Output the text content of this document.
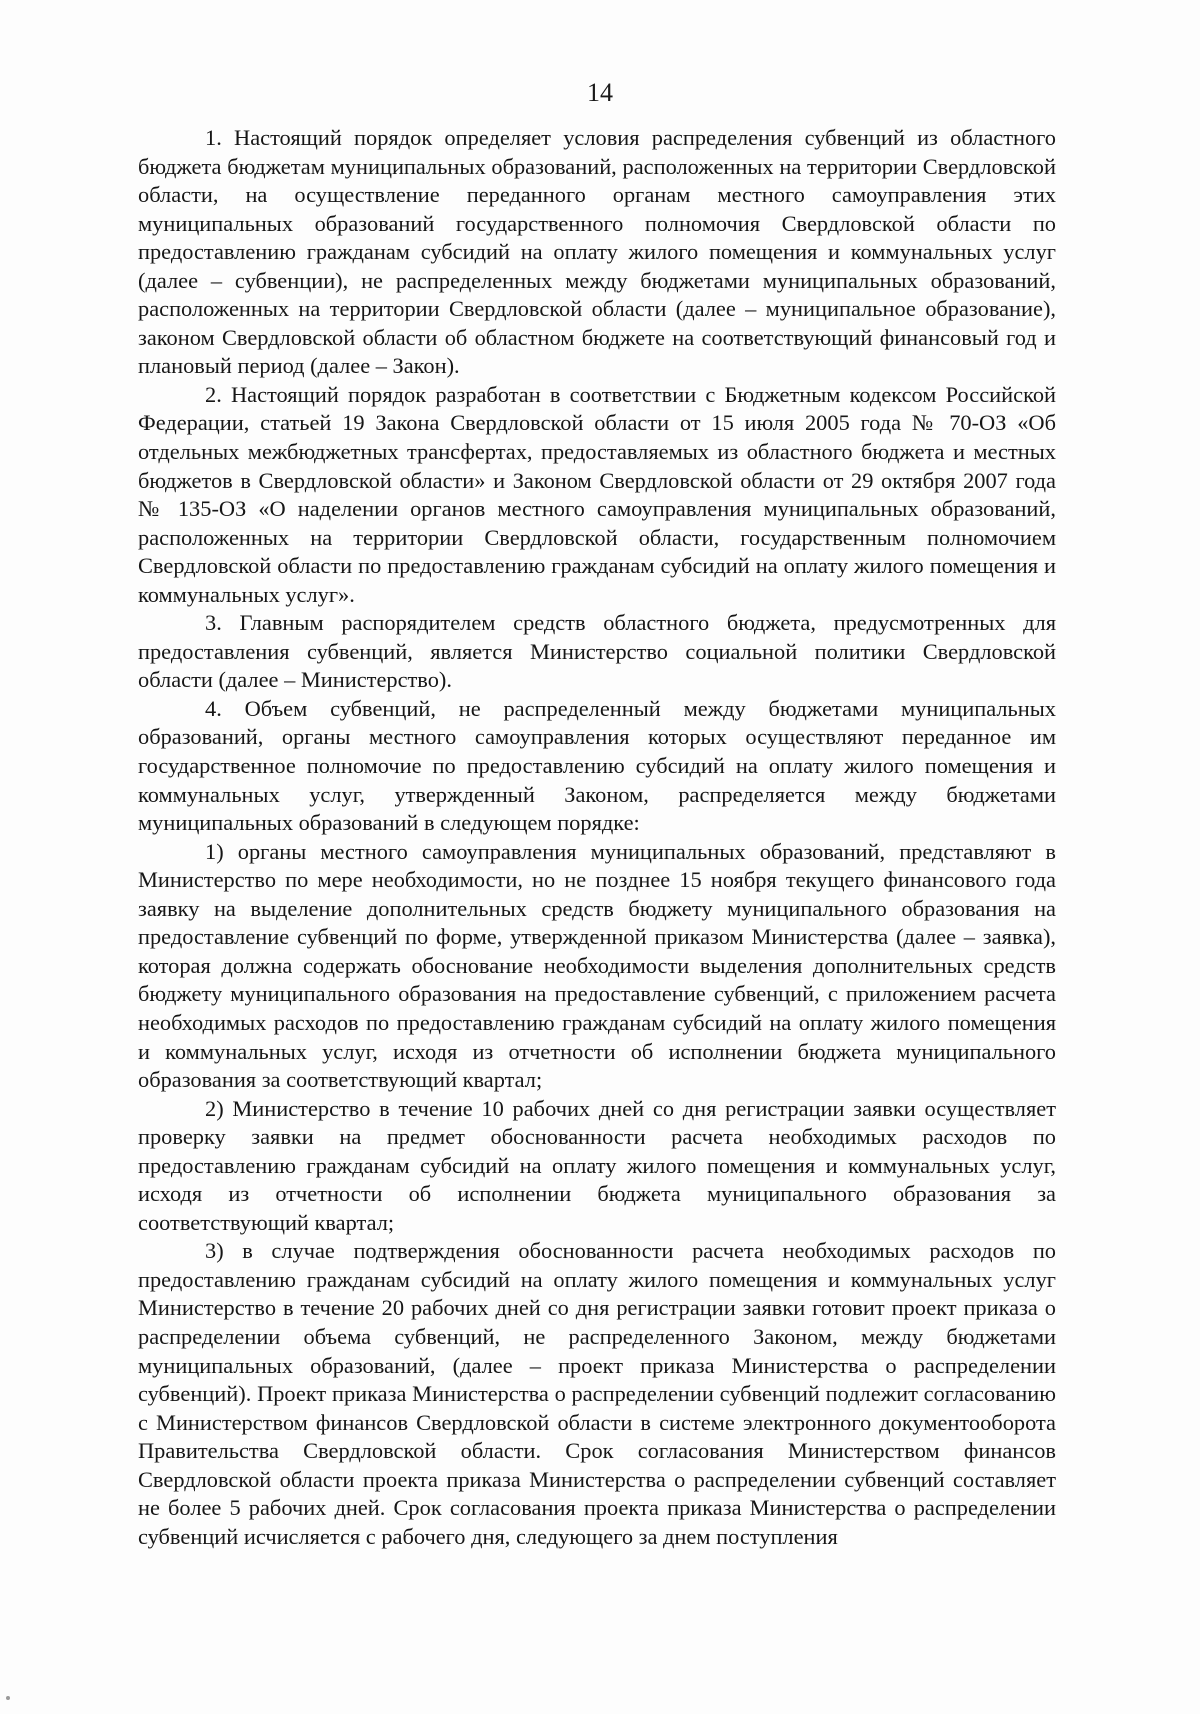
14

1. Настоящий порядок определяет условия распределения субвенций из областного бюджета бюджетам муниципальных образований, расположенных на территории Свердловской области, на осуществление переданного органам местного самоуправления этих муниципальных образований государственного полномочия Свердловской области по предоставлению гражданам субсидий на оплату жилого помещения и коммунальных услуг (далее – субвенции), не распределенных между бюджетами муниципальных образований, расположенных на территории Свердловской области (далее – муниципальное образование), законом Свердловской области об областном бюджете на соответствующий финансовый год и плановый период (далее – Закон).

2. Настоящий порядок разработан в соответствии с Бюджетным кодексом Российской Федерации, статьей 19 Закона Свердловской области от 15 июля 2005 года № 70-ОЗ «Об отдельных межбюджетных трансфертах, предоставляемых из областного бюджета и местных бюджетов в Свердловской области» и Законом Свердловской области от 29 октября 2007 года № 135-ОЗ «О наделении органов местного самоуправления муниципальных образований, расположенных на территории Свердловской области, государственным полномочием Свердловской области по предоставлению гражданам субсидий на оплату жилого помещения и коммунальных услуг».

3. Главным распорядителем средств областного бюджета, предусмотренных для предоставления субвенций, является Министерство социальной политики Свердловской области (далее – Министерство).

4. Объем субвенций, не распределенный между бюджетами муниципальных образований, органы местного самоуправления которых осуществляют переданное им государственное полномочие по предоставлению субсидий на оплату жилого помещения и коммунальных услуг, утвержденный Законом, распределяется между бюджетами муниципальных образований в следующем порядке:

1) органы местного самоуправления муниципальных образований, представляют в Министерство по мере необходимости, но не позднее 15 ноября текущего финансового года заявку на выделение дополнительных средств бюджету муниципального образования на предоставление субвенций по форме, утвержденной приказом Министерства (далее – заявка), которая должна содержать обоснование необходимости выделения дополнительных средств бюджету муниципального образования на предоставление субвенций, с приложением расчета необходимых расходов по предоставлению гражданам субсидий на оплату жилого помещения и коммунальных услуг, исходя из отчетности об исполнении бюджета муниципального образования за соответствующий квартал;

2) Министерство в течение 10 рабочих дней со дня регистрации заявки осуществляет проверку заявки на предмет обоснованности расчета необходимых расходов по предоставлению гражданам субсидий на оплату жилого помещения и коммунальных услуг, исходя из отчетности об исполнении бюджета муниципального образования за соответствующий квартал;

3) в случае подтверждения обоснованности расчета необходимых расходов по предоставлению гражданам субсидий на оплату жилого помещения и коммунальных услуг Министерство в течение 20 рабочих дней со дня регистрации заявки готовит проект приказа о распределении объема субвенций, не распределенного Законом, между бюджетами муниципальных образований, (далее – проект приказа Министерства о распределении субвенций). Проект приказа Министерства о распределении субвенций подлежит согласованию с Министерством финансов Свердловской области в системе электронного документооборота Правительства Свердловской области. Срок согласования Министерством финансов Свердловской области проекта приказа Министерства о распределении субвенций составляет не более 5 рабочих дней. Срок согласования проекта приказа Министерства о распределении субвенций исчисляется с рабочего дня, следующего за днем поступления
